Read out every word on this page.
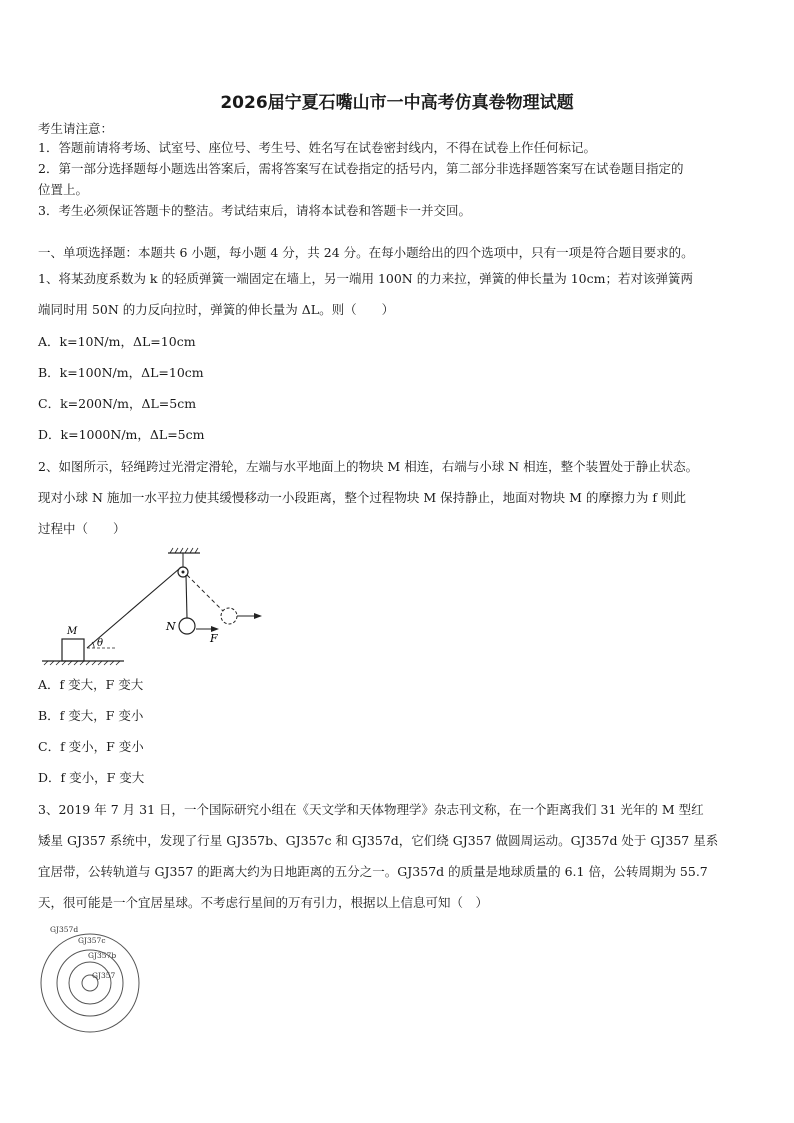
2026届宁夏石嘴山市一中高考仿真卷物理试题
考生请注意：
1．答题前请将考场、试室号、座位号、考生号、姓名写在试卷密封线内，不得在试卷上作任何标记。
2．第一部分选择题每小题选出答案后，需将答案写在试卷指定的括号内，第二部分非选择题答案写在试卷题目指定的
位置上。
3．考生必须保证答题卡的整洁。考试结束后，请将本试卷和答题卡一并交回。
一、单项选择题：本题共 6 小题，每小题 4 分，共 24 分。在每小题给出的四个选项中，只有一项是符合题目要求的。
1、将某劲度系数为 k 的轻质弹簧一端固定在墙上，另一端用 100N 的力来拉，弹簧的伸长量为 10cm；若对该弹簧两
端同时用 50N 的力反向拉时，弹簧的伸长量为 ΔL。则（　　）
A．k=10N/m，ΔL=10cm
B．k=100N/m，ΔL=10cm
C．k=200N/m，ΔL=5cm
D．k=1000N/m，ΔL=5cm
2、如图所示，轻绳跨过光滑定滑轮，左端与水平地面上的物块 M 相连，右端与小球 N 相连，整个装置处于静止状态。
现对小球 N 施加一水平拉力使其缓慢移动一小段距离，整个过程物块 M 保持静止，地面对物块 M 的摩擦力为 f 则此
过程中（　　）
F
N
M
θ
A．f 变大，F 变大
B．f 变大，F 变小
C．f 变小，F 变小
D．f 变小，F 变大
3、2019 年 7 月 31 日，一个国际研究小组在《天文学和天体物理学》杂志刊文称，在一个距离我们 31 光年的 M 型红
矮星 GJ357 系统中，发现了行星 GJ357b、GJ357c 和 GJ357d，它们绕 GJ357 做圆周运动。GJ357d 处于 GJ357 星系
宜居带，公转轨道与 GJ357 的距离大约为日地距离的五分之一。GJ357d 的质量是地球质量的 6.1 倍，公转周期为 55.7
天，很可能是一个宜居星球。不考虑行星间的万有引力，根据以上信息可知（　）
GJ357d
GJ357c
GJ357b
GJ357
